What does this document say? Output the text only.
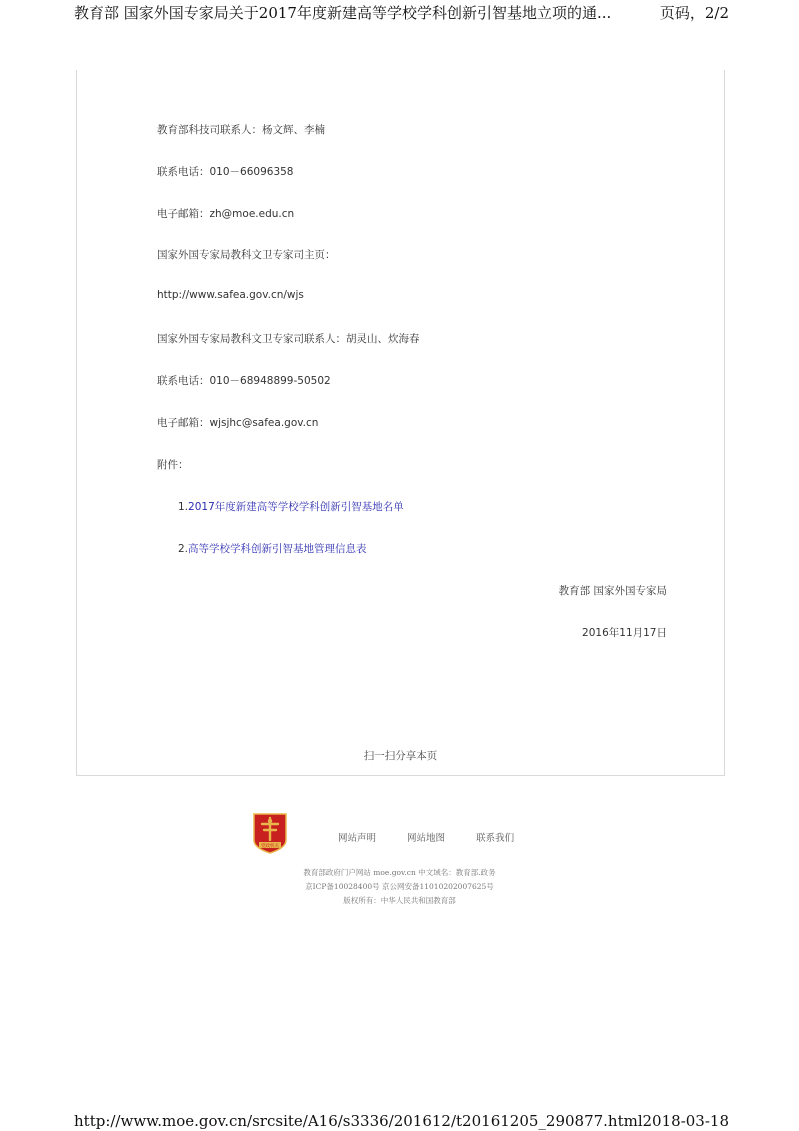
教育部 国家外国专家局关于2017年度新建高等学校学科创新引智基地立项的通...	页码，2/2
教育部科技司联系人：杨文辉、李楠
联系电话：010－66096358
电子邮箱：zh@moe.edu.cn
国家外国专家局教科文卫专家司主页：
http://www.safea.gov.cn/wjs
国家外国专家局教科文卫专家司联系人：胡灵山、炊海春
联系电话：010－68948899-50502
电子邮箱：wjsjhc@safea.gov.cn
附件：
1.2017年度新建高等学校学科创新引智基地名单
2.高等学校学科创新引智基地管理信息表
教育部 国家外国专家局
2016年11月17日
扫一扫分享本页
党政机关
网站声明	网站地图	联系我们
教育部政府门户网站 moe.gov.cn 中文域名：教育部.政务
京ICP备10028400号 京公网安备11010202007625号
版权所有：中华人民共和国教育部
http://www.moe.gov.cn/srcsite/A16/s3336/201612/t20161205_290877.html 2018-03-18
